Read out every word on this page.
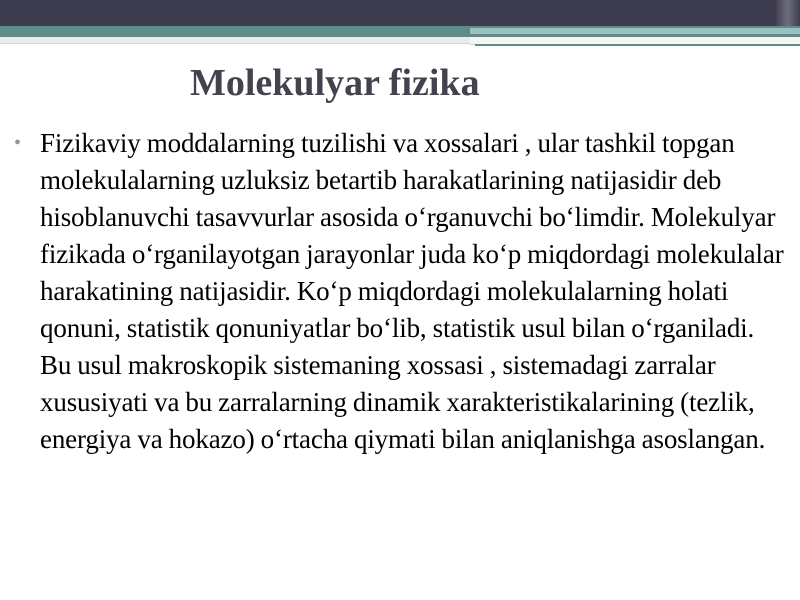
Molekulyar fizika
• Fizikaviy moddalarning tuzilishi va xossalari , ular tashkil topgan molekulalarning uzluksiz betartib harakatlarining natijasidir deb hisoblanuvchi tasavvurlar asosida o‘rganuvchi bo‘limdir. Molekulyar fizikada o‘rganilayotgan jarayonlar juda ko‘p miqdordagi molekulalar harakatining natijasidir. Ko‘p miqdordagi molekulalarning holati qonuni, statistik qonuniyatlar bo‘lib, statistik usul bilan o‘rganiladi. Bu usul makroskopik sistemaning xossasi , sistemadagi zarralar xususiyati va bu zarralarning dinamik xarakteristikalarining (tezlik, energiya va hokazo) o‘rtacha qiymati bilan aniqlanishga asoslangan.
